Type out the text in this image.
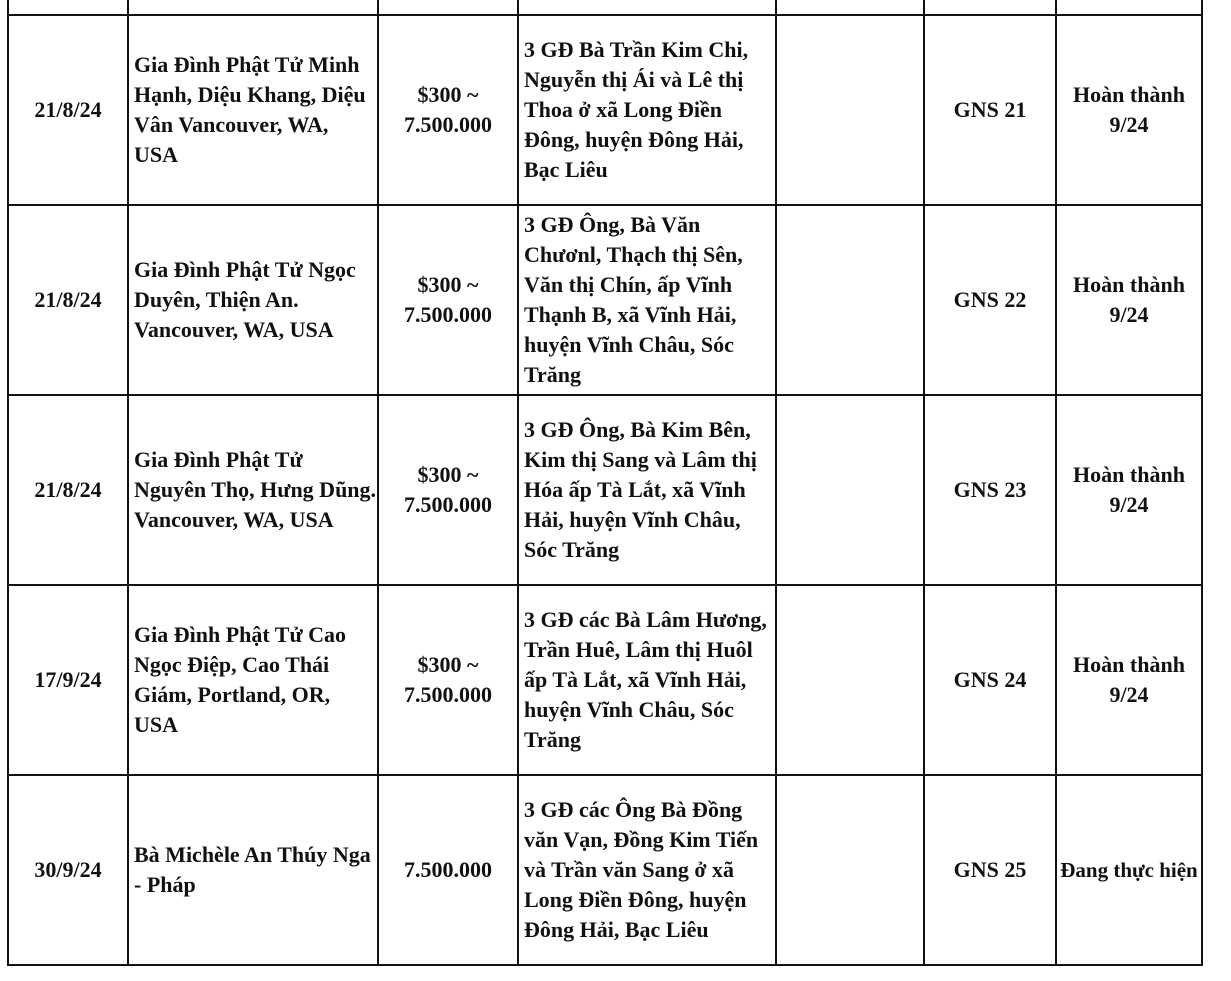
21/8/24	Gia Đình Phật Tử Minh Hạnh, Diệu Khang, Diệu Vân Vancouver, WA, USA	$300 ~ 7.500.000	3 GĐ Bà Trần Kim Chi, Nguyễn thị Ái và Lê thị Thoa ở xã Long Điền Đông, huyện Đông Hải, Bạc Liêu		GNS 21	Hoàn thành 9/24
21/8/24	Gia Đình Phật Tử Ngọc Duyên, Thiện An. Vancouver, WA, USA	$300 ~ 7.500.000	3 GĐ Ông, Bà Văn Chươnl, Thạch thị Sên, Văn thị Chín, ấp Vĩnh Thạnh B, xã Vĩnh Hải, huyện Vĩnh Châu, Sóc Trăng		GNS 22	Hoàn thành 9/24
21/8/24	Gia Đình Phật Tử Nguyên Thọ, Hưng Dũng. Vancouver, WA, USA	$300 ~ 7.500.000	3 GĐ Ông, Bà Kim Bên, Kim thị Sang và Lâm thị Hóa ấp Tà Lắt, xã Vĩnh Hải, huyện Vĩnh Châu, Sóc Trăng		GNS 23	Hoàn thành 9/24
17/9/24	Gia Đình Phật Tử Cao Ngọc Điệp, Cao Thái Giám, Portland, OR, USA	$300 ~ 7.500.000	3 GĐ các Bà Lâm Hương, Trần Huê, Lâm thị Huôl ấp Tà Lắt, xã Vĩnh Hải, huyện Vĩnh Châu, Sóc Trăng		GNS 24	Hoàn thành 9/24
30/9/24	Bà Michèle An Thúy Nga - Pháp	7.500.000	3 GĐ các Ông Bà Đồng văn Vạn, Đồng Kim Tiến và Trần văn Sang ở xã Long Điền Đông, huyện Đông Hải, Bạc Liêu		GNS 25	Đang thực hiện
